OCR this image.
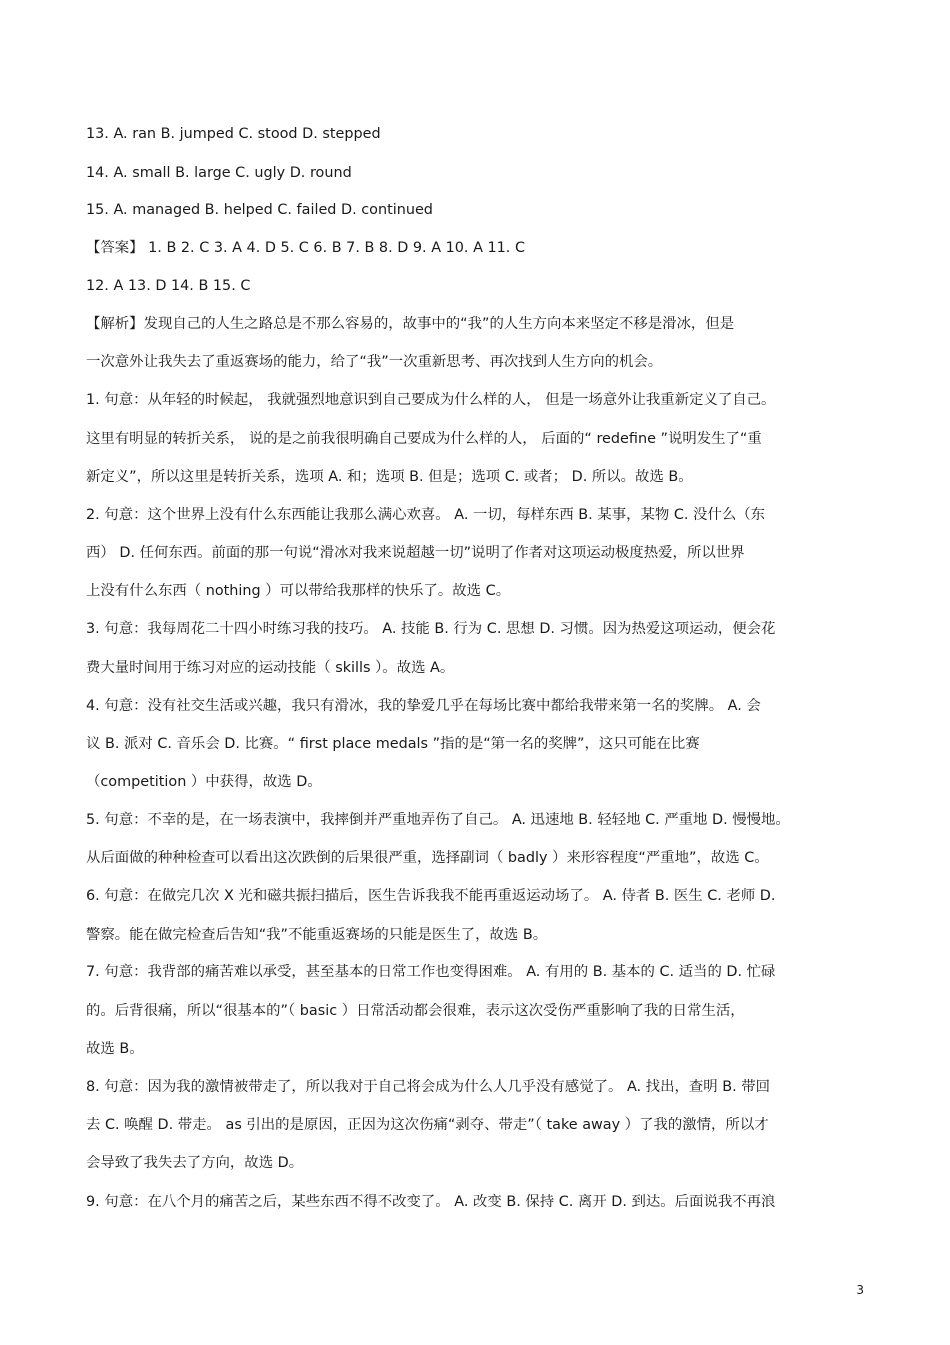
13. A. ran B. jumped C. stood D. stepped
14. A. small B. large C. ugly D. round
15. A. managed B. helped C. failed D. continued
【答案】 1. B 2. C 3. A 4. D 5. C 6. B 7. B 8. D 9. A 10. A 11. C
12. A 13. D 14. B 15. C
【解析】发现自己的人生之路总是不那么容易的，故事中的“我”的人生方向本来坚定不移是滑冰，但是
一次意外让我失去了重返赛场的能力，给了“我”一次重新思考、再次找到人生方向的机会。
1. 句意：从年轻的时候起， 我就强烈地意识到自己要成为什么样的人， 但是一场意外让我重新定义了自己。
这里有明显的转折关系， 说的是之前我很明确自己要成为什么样的人， 后面的“ redefine ”说明发生了“重
新定义”，所以这里是转折关系，选项 A. 和；选项 B. 但是；选项 C. 或者； D. 所以。故选 B。
2. 句意：这个世界上没有什么东西能让我那么满心欢喜。 A. 一切，每样东西 B. 某事，某物 C. 没什么（东
西） D. 任何东西。前面的那一句说“滑冰对我来说超越一切”说明了作者对这项运动极度热爱，所以世界
上没有什么东西（ nothing ）可以带给我那样的快乐了。故选 C。
3. 句意：我每周花二十四小时练习我的技巧。 A. 技能 B. 行为 C. 思想 D. 习惯。因为热爱这项运动，便会花
费大量时间用于练习对应的运动技能（ skills ）。故选 A。
4. 句意：没有社交生活或兴趣，我只有滑冰，我的挚爱几乎在每场比赛中都给我带来第一名的奖牌。 A. 会
议 B. 派对 C. 音乐会 D. 比赛。“ first place medals ”指的是“第一名的奖牌”，这只可能在比赛
（competition ）中获得，故选 D。
5. 句意：不幸的是，在一场表演中，我摔倒并严重地弄伤了自己。 A. 迅速地 B. 轻轻地 C. 严重地 D. 慢慢地。
从后面做的种种检查可以看出这次跌倒的后果很严重，选择副词（ badly ）来形容程度“严重地”，故选 C。
6. 句意：在做完几次 X 光和磁共振扫描后，医生告诉我我不能再重返运动场了。 A. 侍者 B. 医生 C. 老师 D.
警察。能在做完检查后告知“我”不能重返赛场的只能是医生了，故选 B。
7. 句意：我背部的痛苦难以承受，甚至基本的日常工作也变得困难。 A. 有用的 B. 基本的 C. 适当的 D. 忙碌
的。后背很痛，所以“很基本的”（ basic ）日常活动都会很难，表示这次受伤严重影响了我的日常生活，
故选 B。
8. 句意：因为我的激情被带走了，所以我对于自己将会成为什么人几乎没有感觉了。 A. 找出，查明 B. 带回
去 C. 唤醒 D. 带走。 as 引出的是原因，正因为这次伤痛“剥夺、带走”（ take away ）了我的激情，所以才
会导致了我失去了方向，故选 D。
9. 句意：在八个月的痛苦之后，某些东西不得不改变了。 A. 改变 B. 保持 C. 离开 D. 到达。后面说我不再浪
3
